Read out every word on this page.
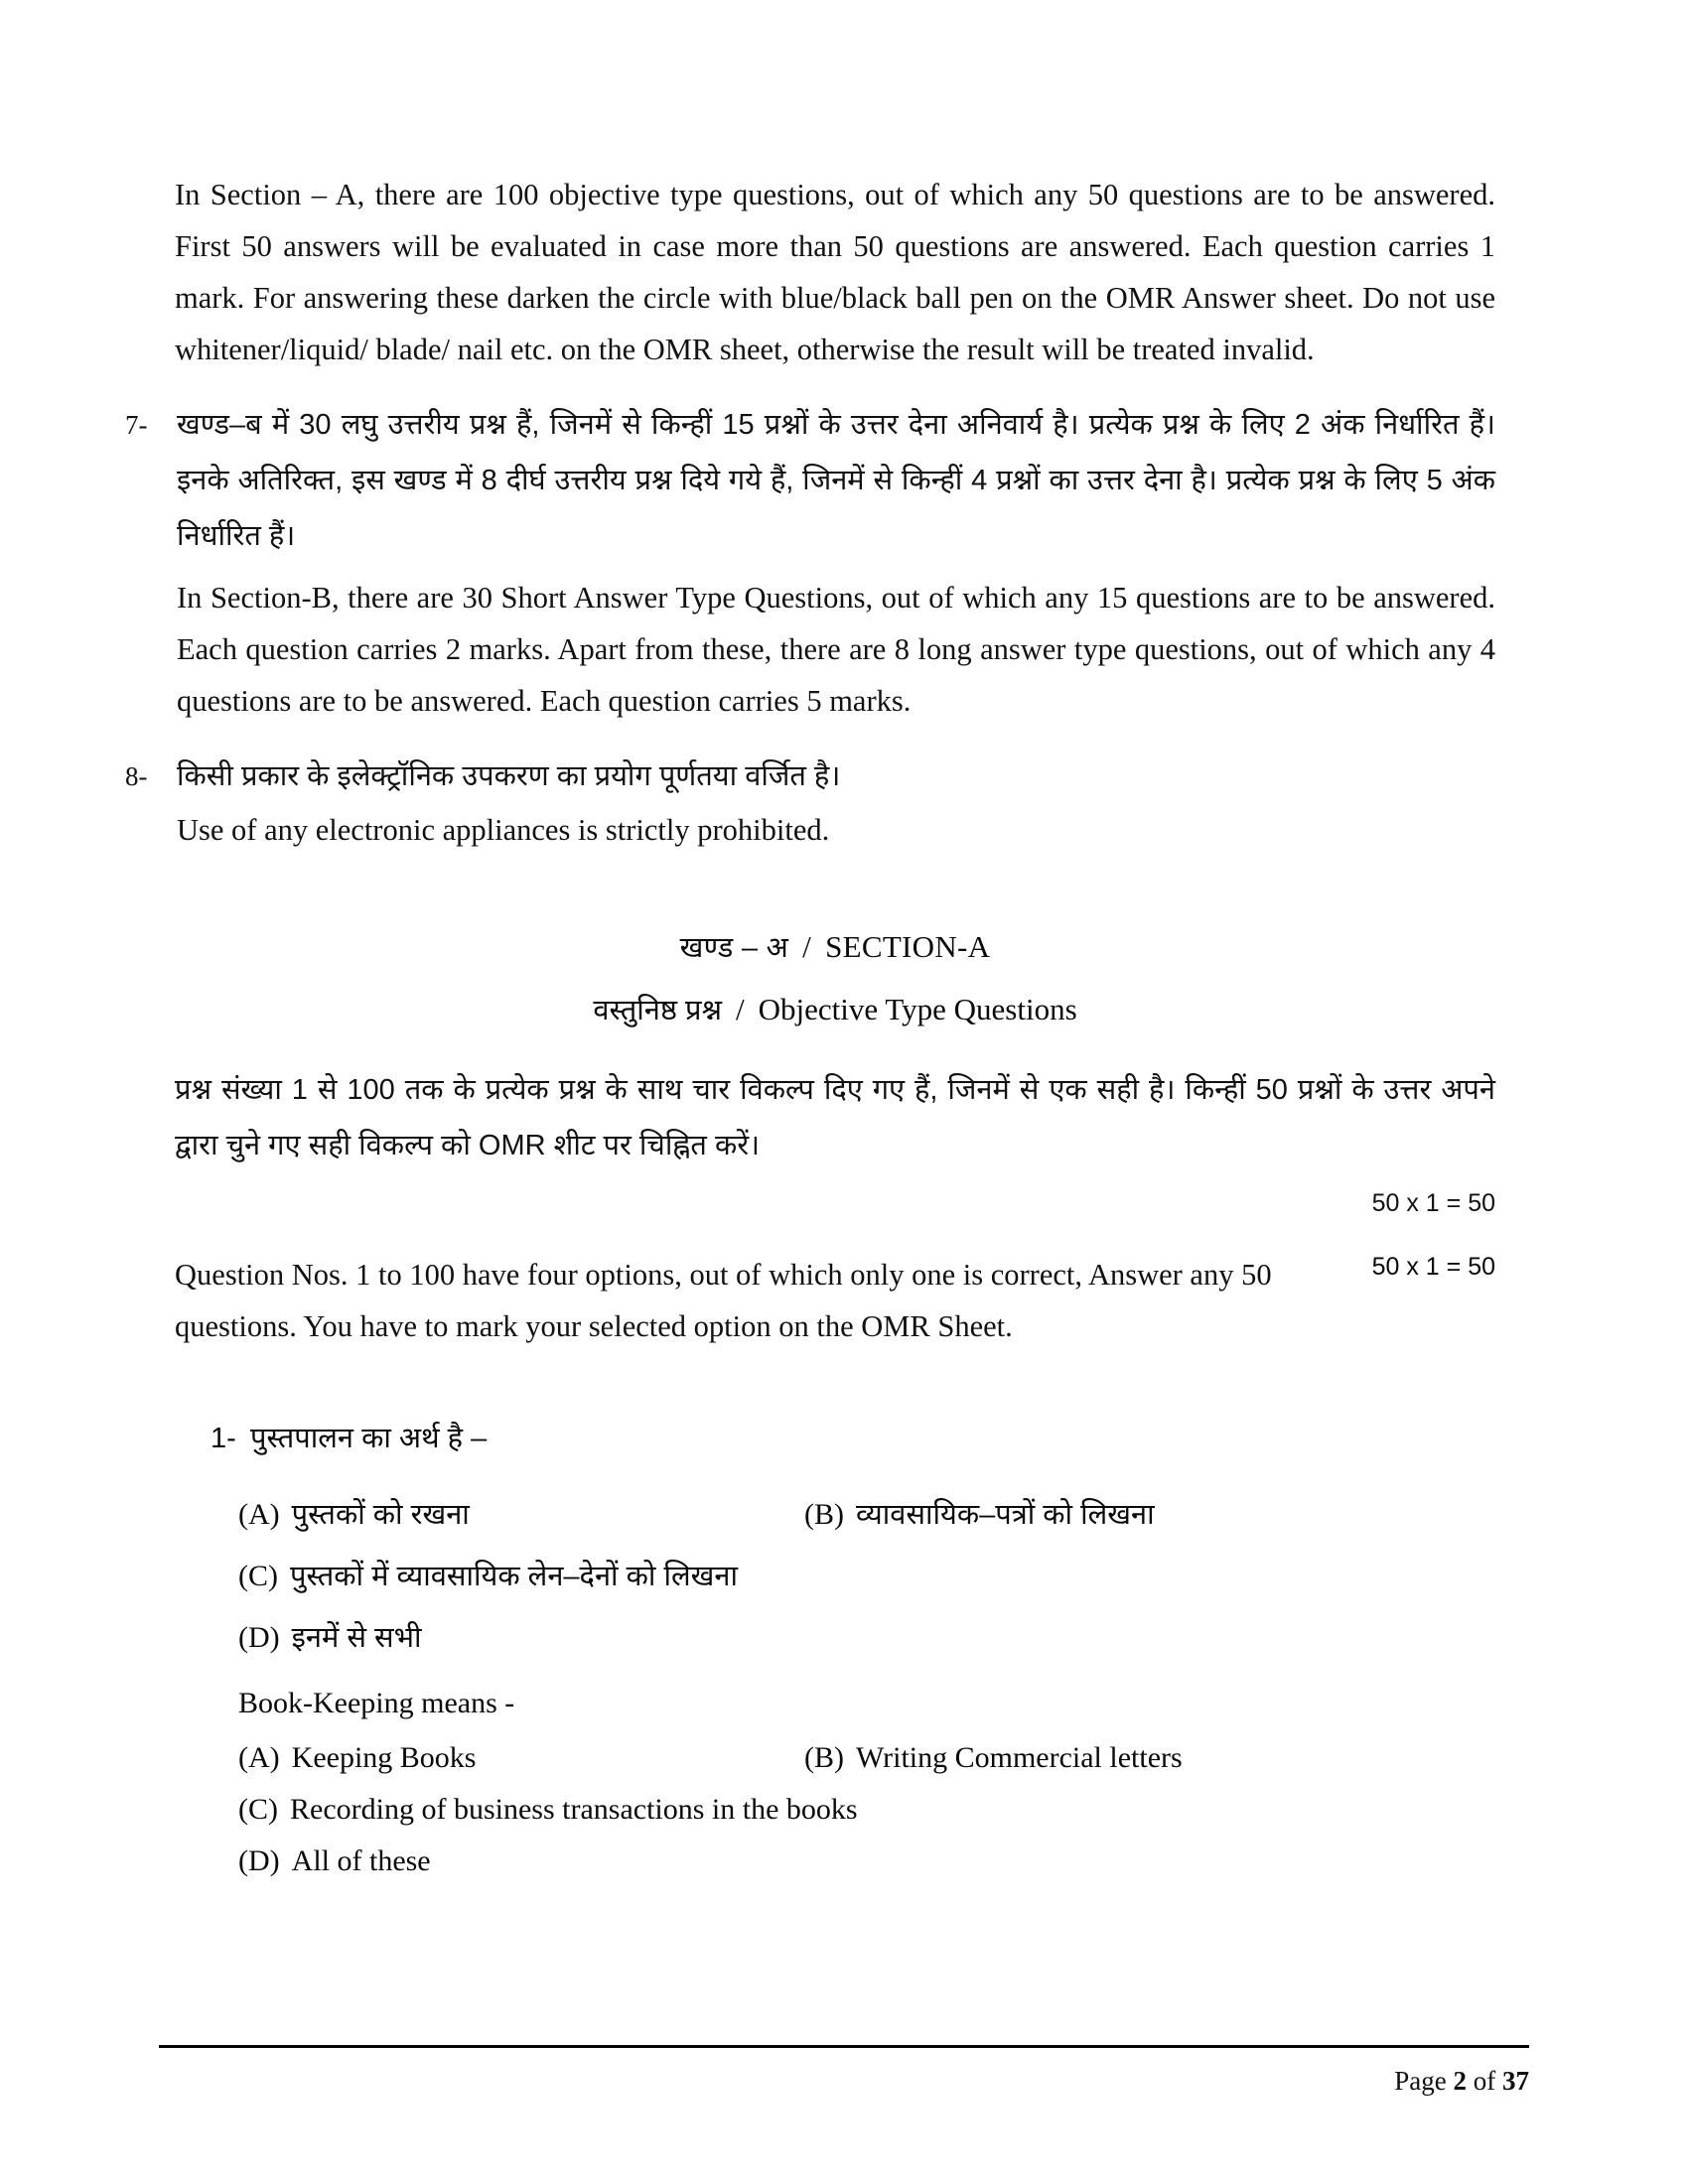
In Section – A, there are 100 objective type questions, out of which any 50 questions are to be answered. First 50 answers will be evaluated in case more than 50 questions are answered. Each question carries 1 mark. For answering these darken the circle with blue/black ball pen on the OMR Answer sheet. Do not use whitener/liquid/ blade/ nail etc. on the OMR sheet, otherwise the result will be treated invalid.
7-	खण्ड–ब में 30 लघु उत्तरीय प्रश्न हैं, जिनमें से किन्हीं 15 प्रश्नों के उत्तर देना अनिवार्य है। प्रत्येक प्रश्न के लिए 2 अंक निर्धारित हैं। इनके अतिरिक्त, इस खण्ड में 8 दीर्घ उत्तरीय प्रश्न दिये गये हैं, जिनमें से किन्हीं 4 प्रश्नों का उत्तर देना है। प्रत्येक प्रश्न के लिए 5 अंक निर्धारित हैं।
In Section-B, there are 30 Short Answer Type Questions, out of which any 15 questions are to be answered. Each question carries 2 marks. Apart from these, there are 8 long answer type questions, out of which any 4 questions are to be answered. Each question carries 5 marks.
8-	किसी प्रकार के इलेक्ट्रॉनिक उपकरण का प्रयोग पूर्णतया वर्जित है।
Use of any electronic appliances is strictly prohibited.
खण्ड – अ / SECTION-A
वस्तुनिष्ठ प्रश्न / Objective Type Questions
प्रश्न संख्या 1 से 100 तक के प्रत्येक प्रश्न के साथ चार विकल्प दिए गए हैं, जिनमें से एक सही है। किन्हीं 50 प्रश्नों के उत्तर अपने द्वारा चुने गए सही विकल्प को OMR शीट पर चिह्नित करें।
50 x 1 = 50
50 x 1 = 50
Question Nos. 1 to 100 have four options, out of which only one is correct, Answer any 50 questions. You have to mark your selected option on the OMR Sheet.
1- पुस्तपालन का अर्थ है –
(A) पुस्तकों को रखना	(B) व्यावसायिक–पत्रों को लिखना
(C) पुस्तकों में व्यावसायिक लेन–देनों को लिखना
(D) इनमें से सभी
Book-Keeping means -
(A) Keeping Books	(B) Writing Commercial letters
(C) Recording of business transactions in the books
(D) All of these
Page 2 of 37
